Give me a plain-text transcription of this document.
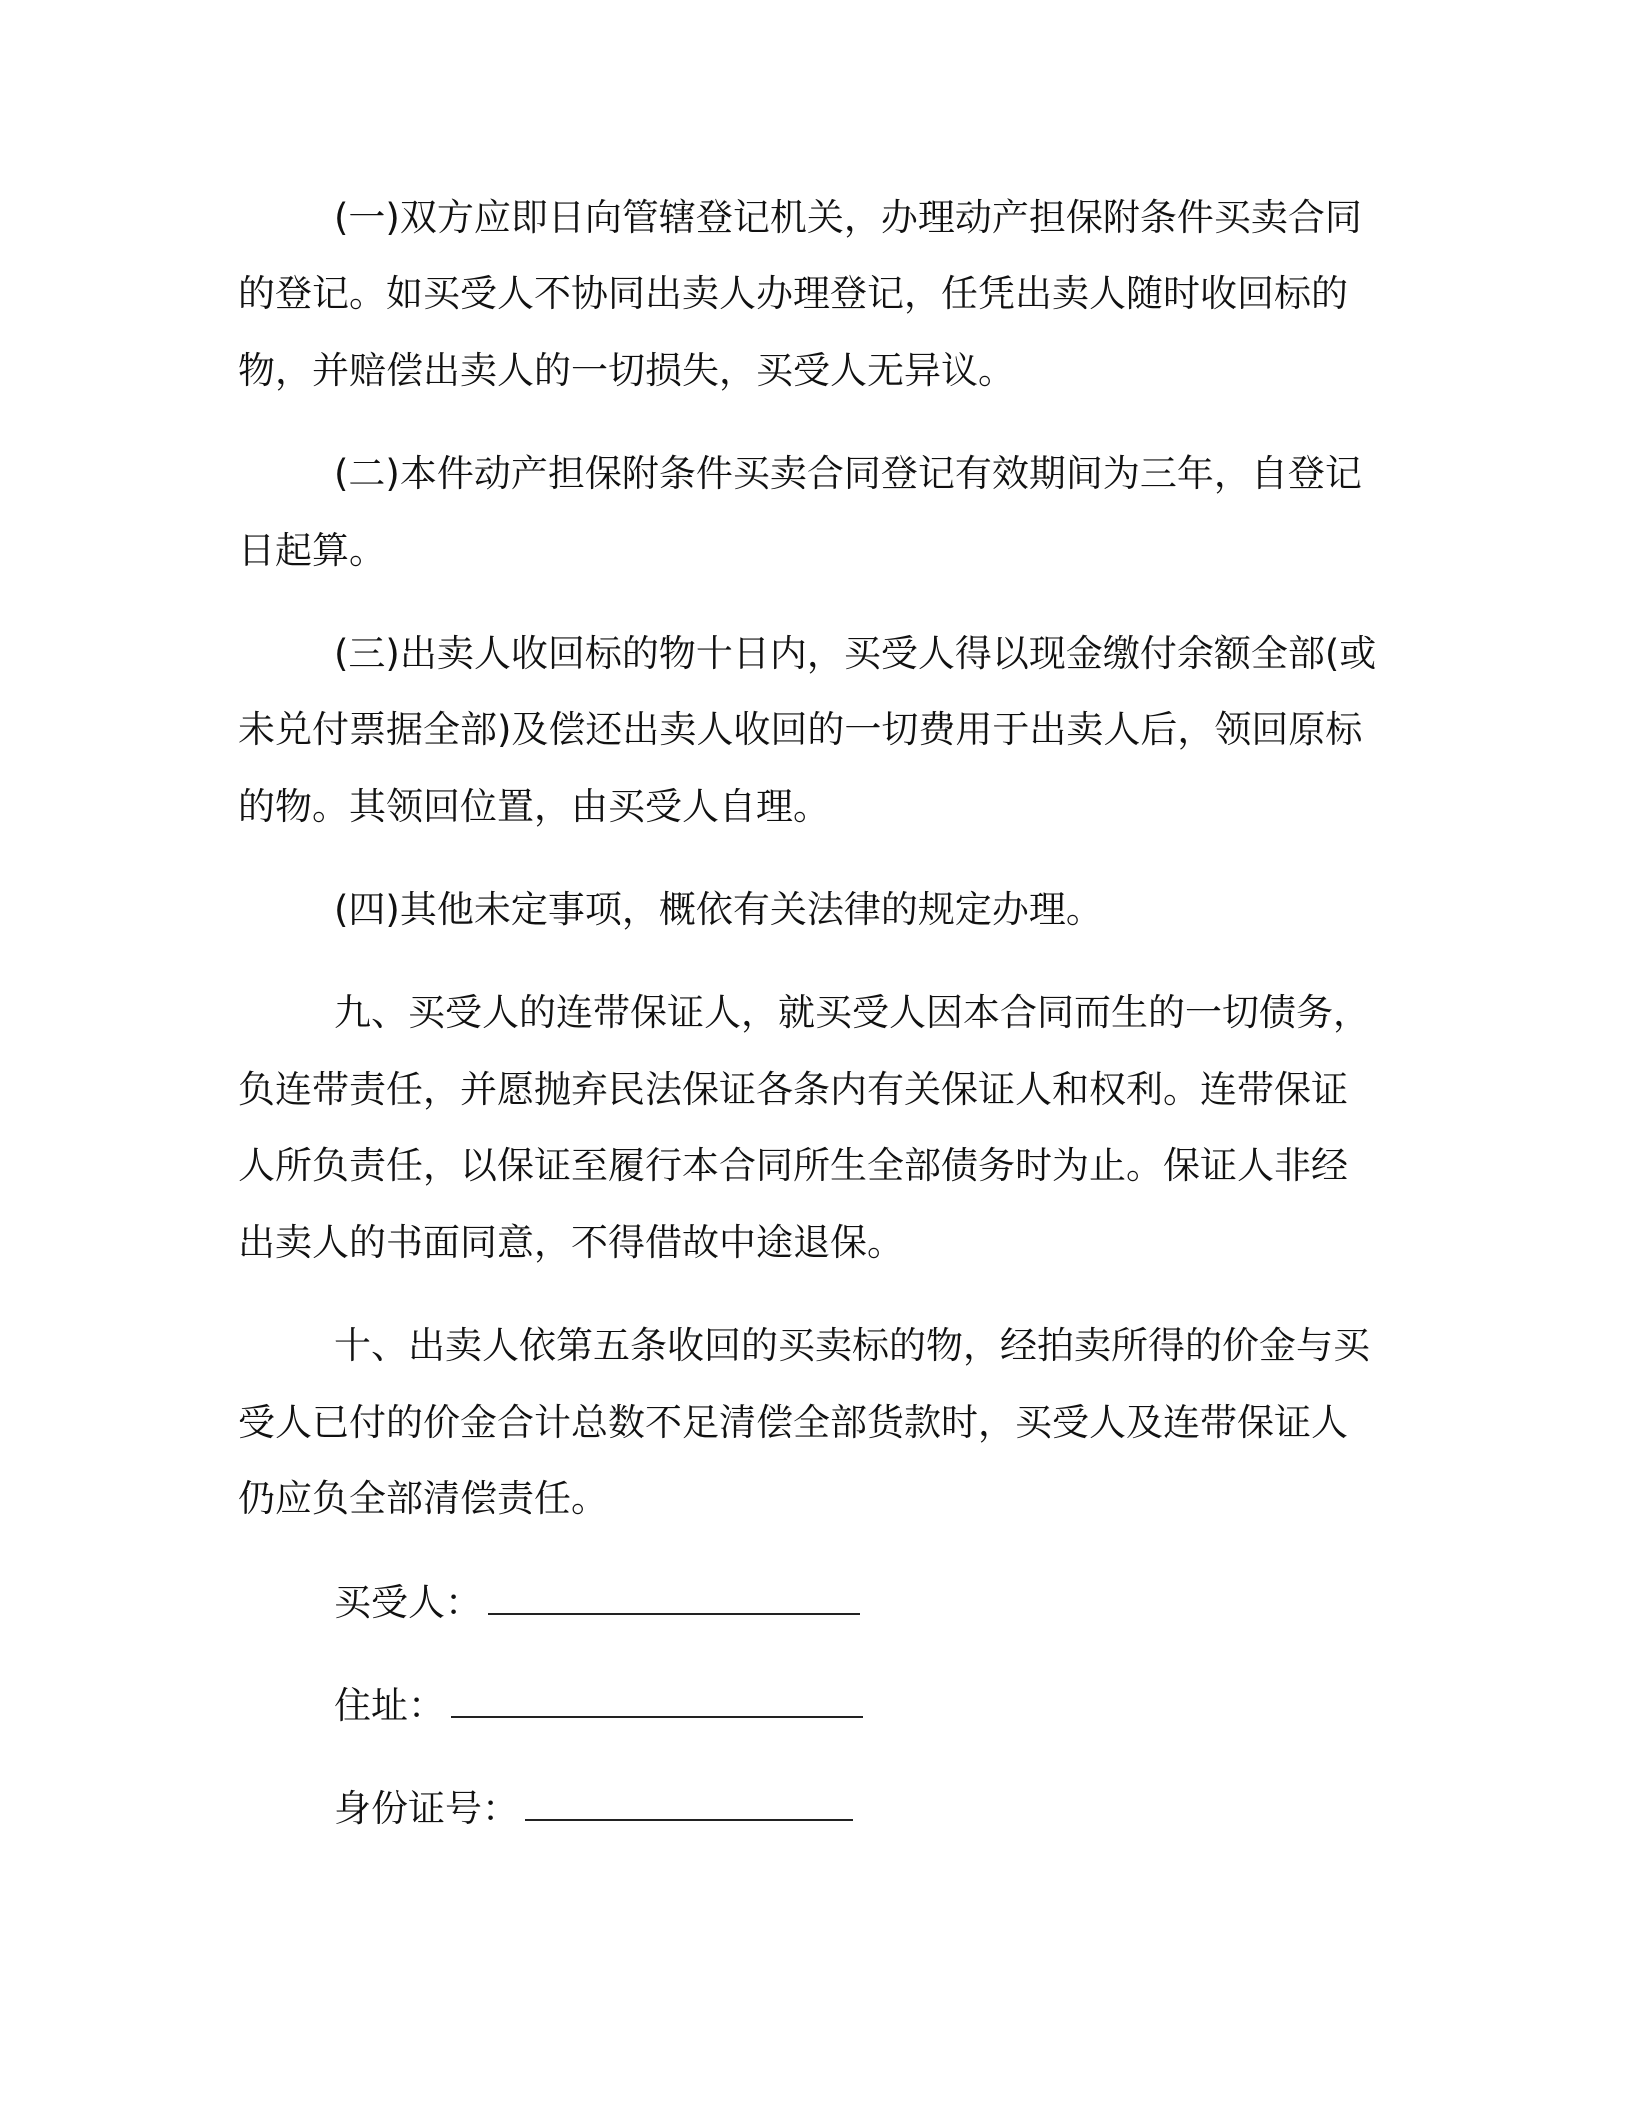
(一)双方应即日向管辖登记机关，办理动产担保附条件买卖合同
的登记。如买受人不协同出卖人办理登记，任凭出卖人随时收回标的
物，并赔偿出卖人的一切损失，买受人无异议。
(二)本件动产担保附条件买卖合同登记有效期间为三年，自登记
日起算。
(三)出卖人收回标的物十日内，买受人得以现金缴付余额全部(或
未兑付票据全部)及偿还出卖人收回的一切费用于出卖人后，领回原标
的物。其领回位置，由买受人自理。
(四)其他未定事项，概依有关法律的规定办理。
九、买受人的连带保证人，就买受人因本合同而生的一切债务，
负连带责任，并愿抛弃民法保证各条内有关保证人和权利。连带保证
人所负责任，以保证至履行本合同所生全部债务时为止。保证人非经
出卖人的书面同意，不得借故中途退保。
十、出卖人依第五条收回的买卖标的物，经拍卖所得的价金与买
受人已付的价金合计总数不足清偿全部货款时，买受人及连带保证人
仍应负全部清偿责任。
买受人：
住址：
身份证号：
